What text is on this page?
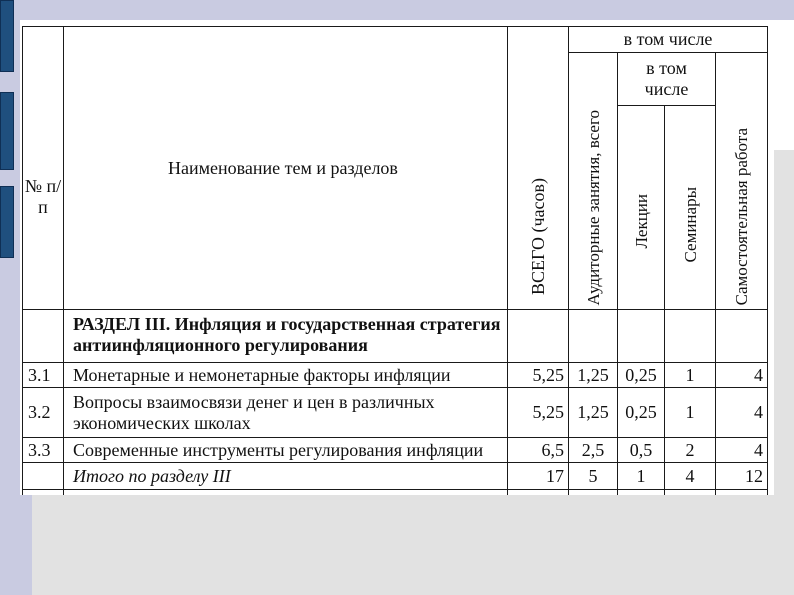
№ п/п	Наименование тем и разделов	ВСЕГО (часов)	в том числе			

			Аудиторные занятия, всего	в том числе		Самостоятельная работа

				Лекции	Семинары	

	РАЗДЕЛ III. Инфляция и государственная стратегия антиинфляционного регулирования					
3.1	Монетарные и немонетарные факторы инфляции	5,25	1,25	0,25	1	4
3.2	Вопросы взаимосвязи денег и цен в различных экономических школах	5,25	1,25	0,25	1	4
3.3	Современные инструменты регулирования инфляции	6,5	2,5	0,5	2	4
	Итого по разделу III	17	5	1	4	12
